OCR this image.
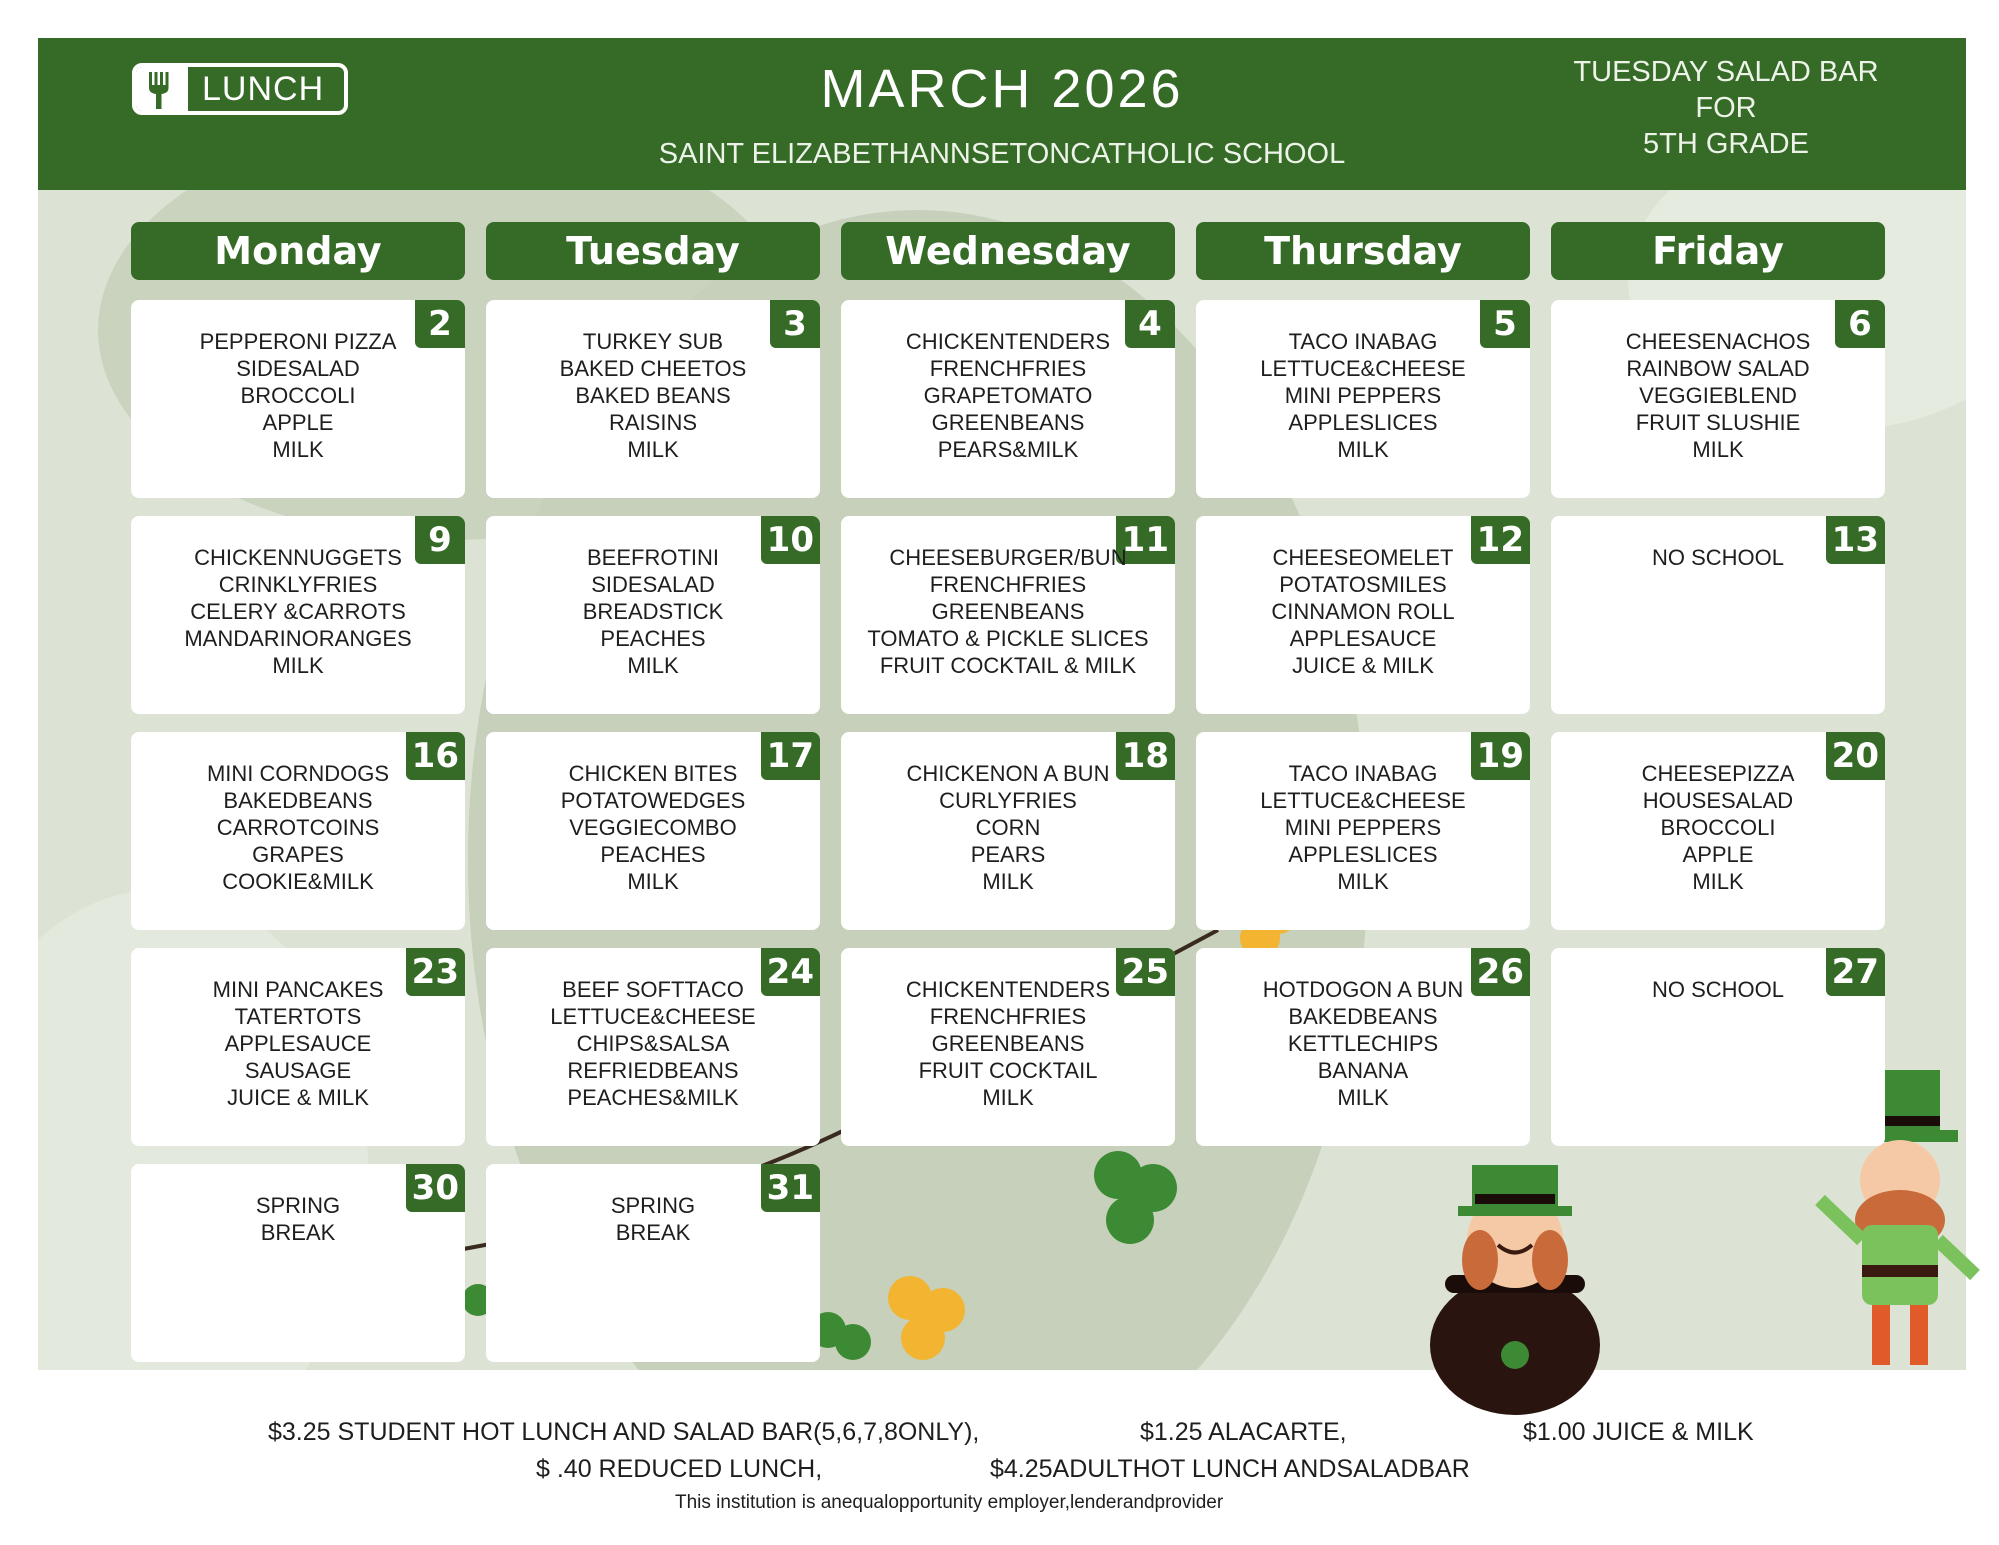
LUNCH	MARCH 2026
SAINT ELIZABETHANNSETONCATHOLIC SCHOOL
TUESDAY SALAD BAR
FOR
5TH GRADE
Monday	Tuesday	Wednesday	Thursday	Friday
2
PEPPERONI PIZZA
SIDESALAD
BROCCOLI
APPLE
MILK
3
TURKEY SUB
BAKED CHEETOS
BAKED BEANS
RAISINS
MILK
4
CHICKENTENDERS
FRENCHFRIES
GRAPETOMATO
GREENBEANS
PEARS&MILK
5
TACO INABAG
LETTUCE&CHEESE
MINI PEPPERS
APPLESLICES
MILK
6
CHEESENACHOS
RAINBOW SALAD
VEGGIEBLEND
FRUIT SLUSHIE
MILK
9
CHICKENNUGGETS
CRINKLYFRIES
CELERY &CARROTS
MANDARINORANGES
MILK
10
BEEFROTINI
SIDESALAD
BREADSTICK
PEACHES
MILK
11
CHEESEBURGER/BUN
FRENCHFRIES
GREENBEANS
TOMATO & PICKLE SLICES
FRUIT COCKTAIL & MILK
12
CHEESEOMELET
POTATOSMILES
CINNAMON ROLL
APPLESAUCE
JUICE & MILK
13
NO SCHOOL
16
MINI CORNDOGS
BAKEDBEANS
CARROTCOINS
GRAPES
COOKIE&MILK
17
CHICKEN BITES
POTATOWEDGES
VEGGIECOMBO
PEACHES
MILK
18
CHICKENON A BUN
CURLYFRIES
CORN
PEARS
MILK
19
TACO INABAG
LETTUCE&CHEESE
MINI PEPPERS
APPLESLICES
MILK
20
CHEESEPIZZA
HOUSESALAD
BROCCOLI
APPLE
MILK
23
MINI PANCAKES
TATERTOTS
APPLESAUCE
SAUSAGE
JUICE & MILK
24
BEEF SOFTTACO
LETTUCE&CHEESE
CHIPS&SALSA
REFRIEDBEANS
PEACHES&MILK
25
CHICKENTENDERS
FRENCHFRIES
GREENBEANS
FRUIT COCKTAIL
MILK
26
HOTDOGON A BUN
BAKEDBEANS
KETTLECHIPS
BANANA
MILK
27
NO SCHOOL
30
SPRING
BREAK
31
SPRING
BREAK
$3.25 STUDENT HOT LUNCH AND SALAD BAR(5,6,7,8ONLY),	$1.25 ALACARTE,	$1.00 JUICE & MILK
$ .40 REDUCED LUNCH,	$4.25ADULTHOT LUNCH ANDSALADBAR
This institution is anequalopportunity employer,lenderandprovider
